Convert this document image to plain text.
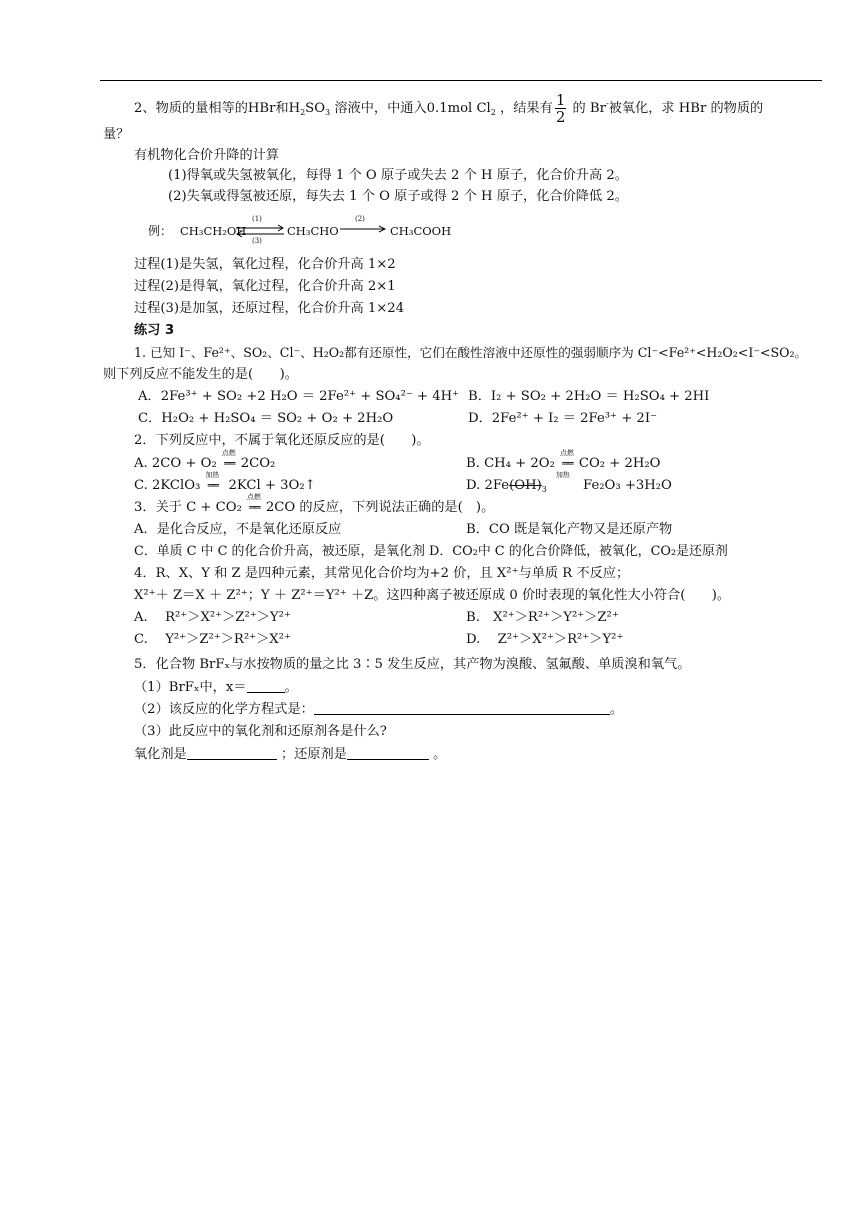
2、物质的量相等的HBr和$H_2SO_3$ 溶液中，中通入0.1mol $Cl_2$ ，结果有 $\frac{1}{2}$ 的 Br-被氧化，求 HBr 的物质的
量？
有机物化合价升降的计算
(1)得氧或失氢被氧化，每得 1 个 O 原子或失去 2 个 H 原子，化合价升高 2。
(2)失氧或得氢被还原，每失去 1 个 O 原子或得 2 个 H 原子，化合价降低 2。
例： CH₃CH₂OH
(1)
(3)
⇌ CH₃CHO
(2)
CH₃COOH
过程(1)是失氢，氧化过程，化合价升高 1×2
过程(2)是得氧，氧化过程，化合价升高 2×1
过程(3)是加氢，还原过程，化合价升高 1×24
练习 3
1. 已知 I⁻、Fe²⁺、SO₂、Cl⁻、H₂O₂都有还原性，它们在酸性溶液中还原性的强弱顺序为 Cl⁻<Fe²⁺<H₂O₂<I⁻<SO₂。
则下列反应不能发生的是(　　)。
A．2Fe³⁺ + SO₂ +2 H₂O ＝ 2Fe²⁺ + SO₄²⁻ + 4H⁺ B．I₂ + SO₂ + 2H₂O ＝ H₂SO₄ + 2HI
C．H₂O₂ + H₂SO₄ ＝ SO₂ + O₂ + 2H₂O	D．2Fe²⁺ + I₂ ＝ 2Fe³⁺ + 2I⁻
2．下列反应中，不属于氧化还原反应的是(　　)。
A. 2CO + O₂
点燃
══ 2CO₂	B. CH₄ + 2O₂
点燃
══ CO₂ + 2H₂O
C. 2KClO₃
加热
══ 2KCl + 3O₂↑	D. $2Fe(OH)_3$
加热
Fe₂O₃ +3H₂O
3．关于 C + CO₂
点燃
══ 2CO 的反应，下列说法正确的是(　)。
A．是化合反应，不是氧化还原反应	B．CO 既是氧化产物又是还原产物
C．单质 C 中 C 的化合价升高，被还原，是氧化剂 D．CO₂中 C 的化合价降低，被氧化，CO₂是还原剂
4．R、X、Y 和 Z 是四种元素，其常见化合价均为+2 价，且 X²⁺与单质 R 不反应；
X²⁺＋ Z＝X ＋ Z²⁺；Y ＋ Z²⁺＝Y²⁺ ＋Z。这四种离子被还原成 0 价时表现的氧化性大小符合(　　)。
A.　 R²⁺＞X²⁺＞Z²⁺＞Y²⁺	B.　X²⁺＞R²⁺＞Y²⁺＞Z²⁺
C.　 Y²⁺＞Z²⁺＞R²⁺＞X²⁺	D.　 Z²⁺＞X²⁺＞R²⁺＞Y²⁺
5．化合物 BrFₓ与水按物质的量之比 3∶5 发生反应，其产物为溴酸、氢氟酸、单质溴和氧气。
（1）BrFₓ中，x＝	。
（2）该反应的化学方程式是：	。
（3）此反应中的氧化剂和还原剂各是什么?
氧化剂是	；还原剂是	。
